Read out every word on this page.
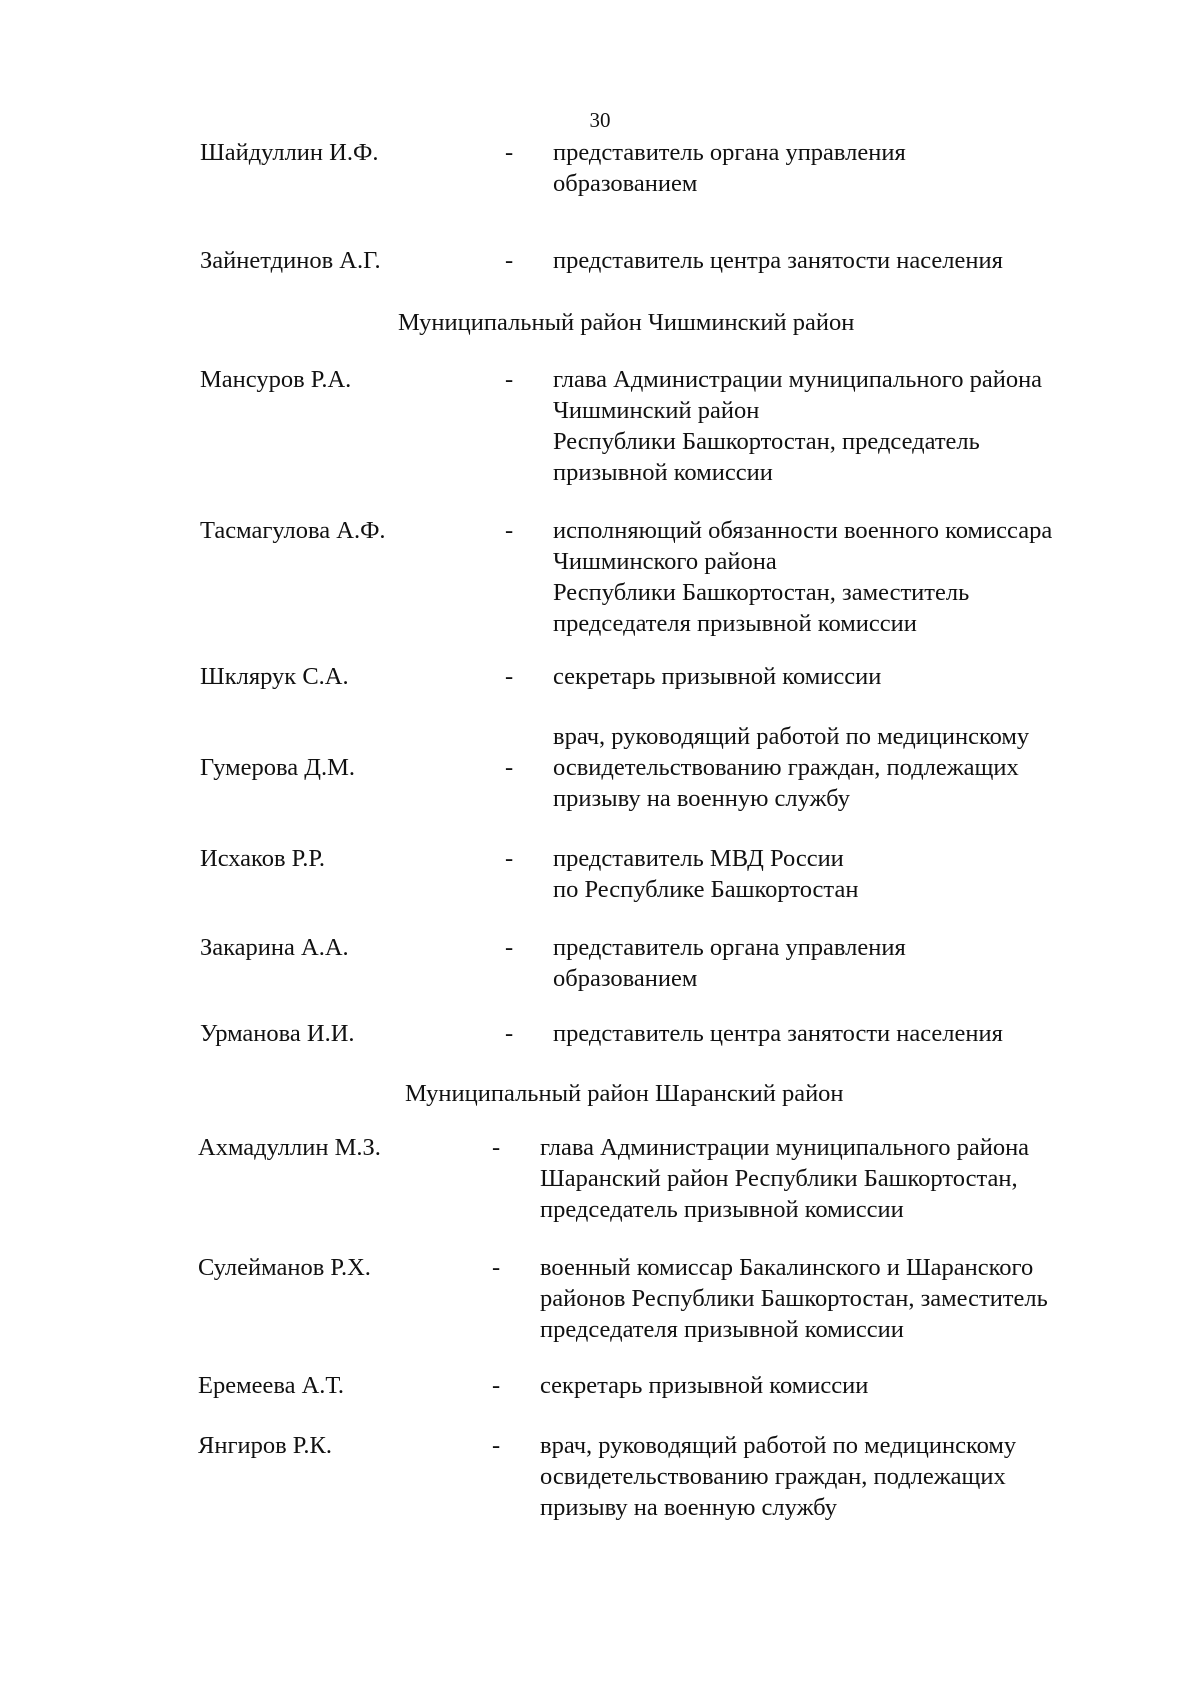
30
Шайдуллин И.Ф.	- представитель органа управления
образованием
Зайнетдинов А.Г.	- представитель центра занятости населения
Муниципальный район Чишминский район
Мансуров Р.А.	- глава Администрации муниципального района
Чишминский район
Республики Башкортостан, председатель
призывной комиссии
Тасмагулова А.Ф.	- исполняющий обязанности военного комиссара
Чишминского района
Республики Башкортостан, заместитель
председателя призывной комиссии
Шклярук С.А.	- секретарь призывной комиссии
Гумерова Д.М.	-
врач, руководящий работой по медицинскому
освидетельствованию граждан, подлежащих
призыву на военную службу
Исхаков Р.Р.	- представитель МВД России
по Республике Башкортостан
Закарина А.А.	- представитель органа управления
образованием
Урманова И.И.	- представитель центра занятости населения
Муниципальный район Шаранский район
Ахмадуллин М.З.	- глава Администрации муниципального района
Шаранский район Республики Башкортостан,
председатель призывной комиссии
Сулейманов Р.Х.	- военный комиссар Бакалинского и Шаранского
районов Республики Башкортостан, заместитель
председателя призывной комиссии
Еремеева А.Т.	- секретарь призывной комиссии
Янгиров Р.К.	- врач, руководящий работой по медицинскому
освидетельствованию граждан, подлежащих
призыву на военную службу
